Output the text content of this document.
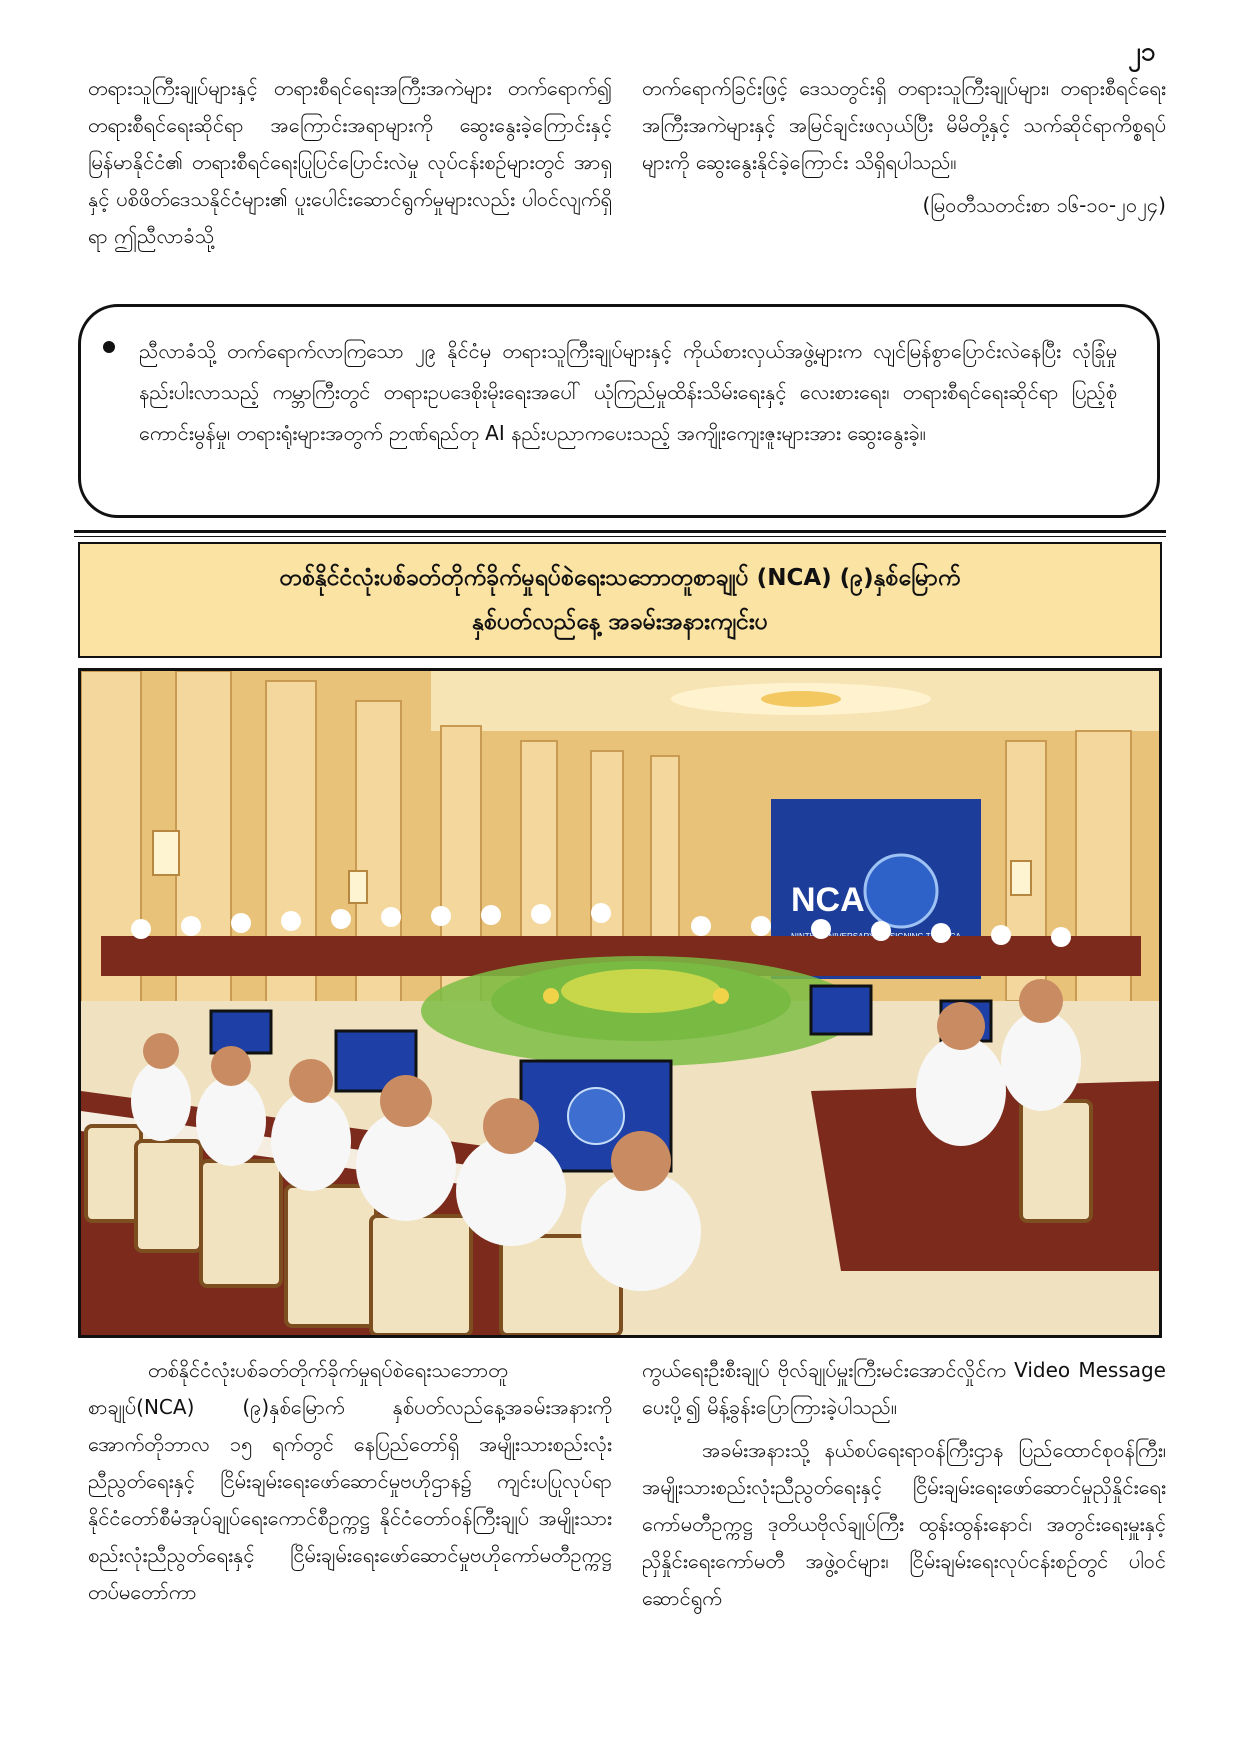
၂၁

တရားသူကြီးချုပ်များနှင့် တရားစီရင်ရေးအကြီးအကဲများ တက်ရောက်၍ တရားစီရင်ရေးဆိုင်ရာ အကြောင်းအရာများကို ဆွေးနွေးခဲ့ကြောင်းနှင့် မြန်မာနိုင်ငံ၏ တရားစီရင်ရေးပြုပြင်ပြောင်းလဲမှု လုပ်ငန်းစဉ်များတွင် အာရှနှင့် ပစိဖိတ်ဒေသနိုင်ငံများ၏ ပူးပေါင်းဆောင်ရွက်မှုများလည်း ပါဝင်လျက်ရှိရာ ဤညီလာခံသို့

တက်ရောက်ခြင်းဖြင့် ဒေသတွင်းရှိ တရားသူကြီးချုပ်များ၊ တရားစီရင်ရေးအကြီးအကဲများနှင့် အမြင်ချင်းဖလှယ်ပြီး မိမိတို့နှင့် သက်ဆိုင်ရာကိစ္စရပ်များကို ဆွေးနွေးနိုင်ခဲ့ကြောင်း သိရှိရပါသည်။

(မြဝတီသတင်းစာ ၁၆-၁၀-၂၀၂၄)

ညီလာခံသို့ တက်ရောက်လာကြသော ၂၉ နိုင်ငံမှ တရားသူကြီးချုပ်များနှင့် ကိုယ်စားလှယ်အဖွဲ့များက လျင်မြန်စွာပြောင်းလဲနေပြီး လုံခြုံမှုနည်းပါးလာသည့် ကမ္ဘာကြီးတွင် တရားဥပဒေစိုးမိုးရေးအပေါ် ယုံကြည်မှုထိန်းသိမ်းရေးနှင့် လေးစားရေး၊ တရားစီရင်ရေးဆိုင်ရာ ပြည့်စုံကောင်းမွန်မှု၊ တရားရုံးများအတွက် ဉာဏ်ရည်တု AI နည်းပညာကပေးသည့် အကျိုးကျေးဇူးများအား ဆွေးနွေးခဲ့။
တစ်နိုင်ငံလုံးပစ်ခတ်တိုက်ခိုက်မှုရပ်စဲရေးသဘောတူစာချုပ် (NCA) (၉)နှစ်မြောက်
နှစ်ပတ်လည်နေ့ အခမ်းအနားကျင်းပ
NCA

တစ်နိုင်ငံလုံးပစ်ခတ်တိုက်ခိုက်မှုရပ်စဲရေးသဘောတူစာချုပ်(NCA) (၉)နှစ်မြောက် နှစ်ပတ်လည်နေ့အခမ်းအနားကို အောက်တိုဘာလ ၁၅ ရက်တွင် နေပြည်တော်ရှိ အမျိုးသားစည်းလုံး ညီညွတ်ရေးနှင့် ငြိမ်းချမ်းရေးဖော်ဆောင်မှုဗဟိုဌာန၌ ကျင်းပပြုလုပ်ရာ နိုင်ငံတော်စီမံအုပ်ချုပ်ရေးကောင်စီဥက္ကဋ္ဌ နိုင်ငံတော်ဝန်ကြီးချုပ် အမျိုးသားစည်းလုံးညီညွတ်ရေးနှင့် ငြိမ်းချမ်းရေးဖော်ဆောင်မှုဗဟိုကော်မတီဥက္ကဋ္ဌ တပ်မတော်ကာ

ကွယ်ရေးဦးစီးချုပ် ဗိုလ်ချုပ်မှူးကြီးမင်းအောင်လှိုင်က Video Message ပေးပို့၍ မိန့်ခွန်းပြောကြားခဲ့ပါသည်။

အခမ်းအနားသို့ နယ်စပ်ရေးရာဝန်ကြီးဌာန ပြည်ထောင်စုဝန်ကြီး၊ အမျိုးသားစည်းလုံးညီညွတ်ရေးနှင့် ငြိမ်းချမ်းရေးဖော်ဆောင်မှုညှိနှိုင်းရေးကော်မတီဥက္ကဋ္ဌ ဒုတိယဗိုလ်ချုပ်ကြီး ထွန်းထွန်းနောင်၊ အတွင်းရေးမှူးနှင့် ညှိနှိုင်းရေးကော်မတီ အဖွဲ့ဝင်များ၊ ငြိမ်းချမ်းရေးလုပ်ငန်းစဉ်တွင် ပါဝင်ဆောင်ရွက်
